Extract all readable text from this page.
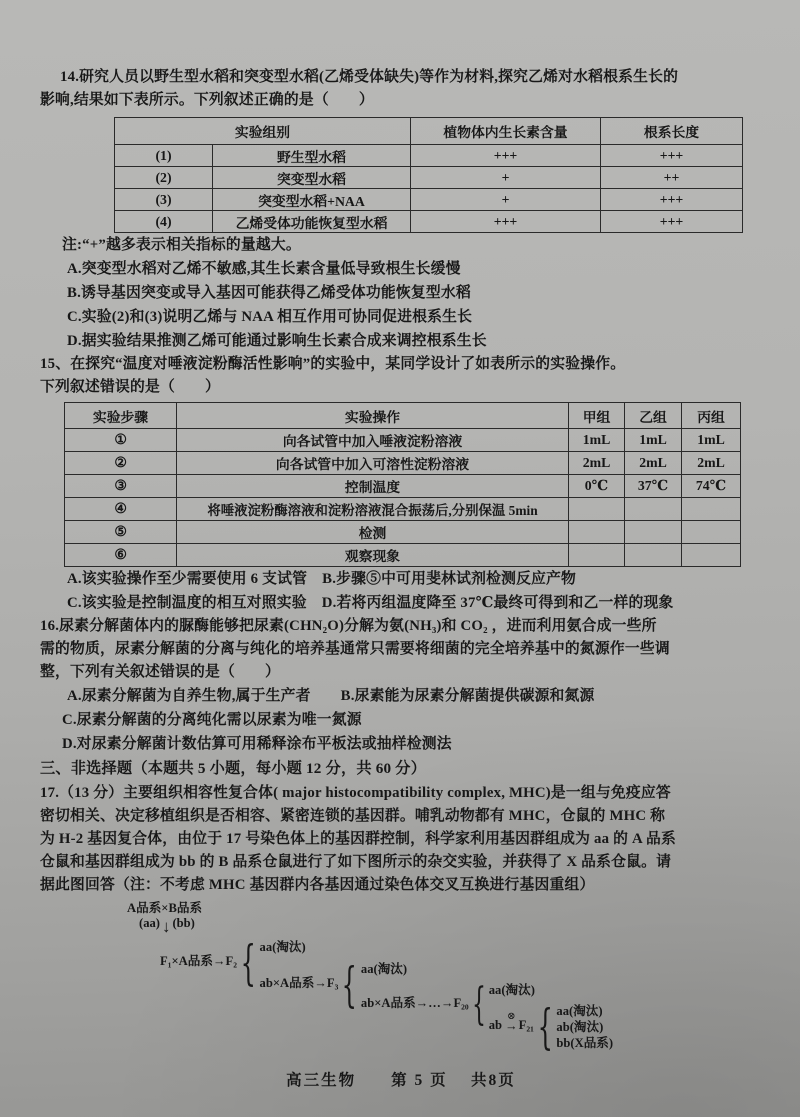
14.研究人员以野生型水稻和突变型水稻(乙烯受体缺失)等作为材料,探究乙烯对水稻根系生长的

影响,结果如下表所示。下列叙述正确的是（　　）

实验组别		植物体内生长素含量	根系长度
(1)	野生型水稻	+++	+++
(2)	突变型水稻	+	++
(3)	突变型水稻+NAA	+	+++
(4)	乙烯受体功能恢复型水稻	+++	+++

注:“+”越多表示相关指标的量越大。

A.突变型水稻对乙烯不敏感,其生长素含量低导致根生长缓慢

B.诱导基因突变或导入基因可能获得乙烯受体功能恢复型水稻

C.实验(2)和(3)说明乙烯与 NAA 相互作用可协同促进根系生长

D.据实验结果推测乙烯可能通过影响生长素合成来调控根系生长

15、在探究“温度对唾液淀粉酶活性影响”的实验中，某同学设计了如表所示的实验操作。

下列叙述错误的是（　　）

实验步骤	实验操作	甲组	乙组	丙组
①	向各试管中加入唾液淀粉溶液	1mL	1mL	1mL
②	向各试管中加入可溶性淀粉溶液	2mL	2mL	2mL
③	控制温度	0℃	37℃	74℃
④	将唾液淀粉酶溶液和淀粉溶液混合振荡后,分别保温 5min			
⑤	检测			
⑥	观察现象			

A.该实验操作至少需要使用 6 支试管　B.步骤⑤中可用斐林试剂检测反应产物

C.该实验是控制温度的相互对照实验　D.若将丙组温度降至 37℃最终可得到和乙一样的现象

16.尿素分解菌体内的脲酶能够把尿素(CHN₂O)分解为氨(NH₃)和 CO₂ ，进而利用氨合成一些所

需的物质，尿素分解菌的分离与纯化的培养基通常只需要将细菌的完全培养基中的氮源作一些调

整，下列有关叙述错误的是（　　）

A.尿素分解菌为自养生物,属于生产者　　B.尿素能为尿素分解菌提供碳源和氮源

C.尿素分解菌的分离纯化需以尿素为唯一氮源

D.对尿素分解菌计数估算可用稀释涂布平板法或抽样检测法

三、非选择题（本题共 5 小题，每小题 12 分，共 60 分）

17.（13 分）主要组织相容性复合体( major histocompatibility complex, MHC)是一组与免疫应答

密切相关、决定移植组织是否相容、紧密连锁的基因群。哺乳动物都有 MHC，仓鼠的 MHC 称

为 H-2 基因复合体，由位于 17 号染色体上的基因群控制，科学家利用基因群组成为 aa 的 A 品系

仓鼠和基因群组成为 bb 的 B 品系仓鼠进行了如下图所示的杂交实验，并获得了 X 品系仓鼠。请

据此图回答（注：不考虑 MHC 基因群内各基因通过染色体交叉互换进行基因重组）

A品系×B品系
(aa) ↓ (bb)
F₁×A品系→F₂ { aa(淘汰)
ab×A品系→F₃ { aa(淘汰)
ab×A品系→…→F₂₀ { aa(淘汰)
ab
⊗
→ F₂₁ { aa(淘汰)
ab(淘汰)
bb(X品系)
高三生物　　第 5 页　 共8页
